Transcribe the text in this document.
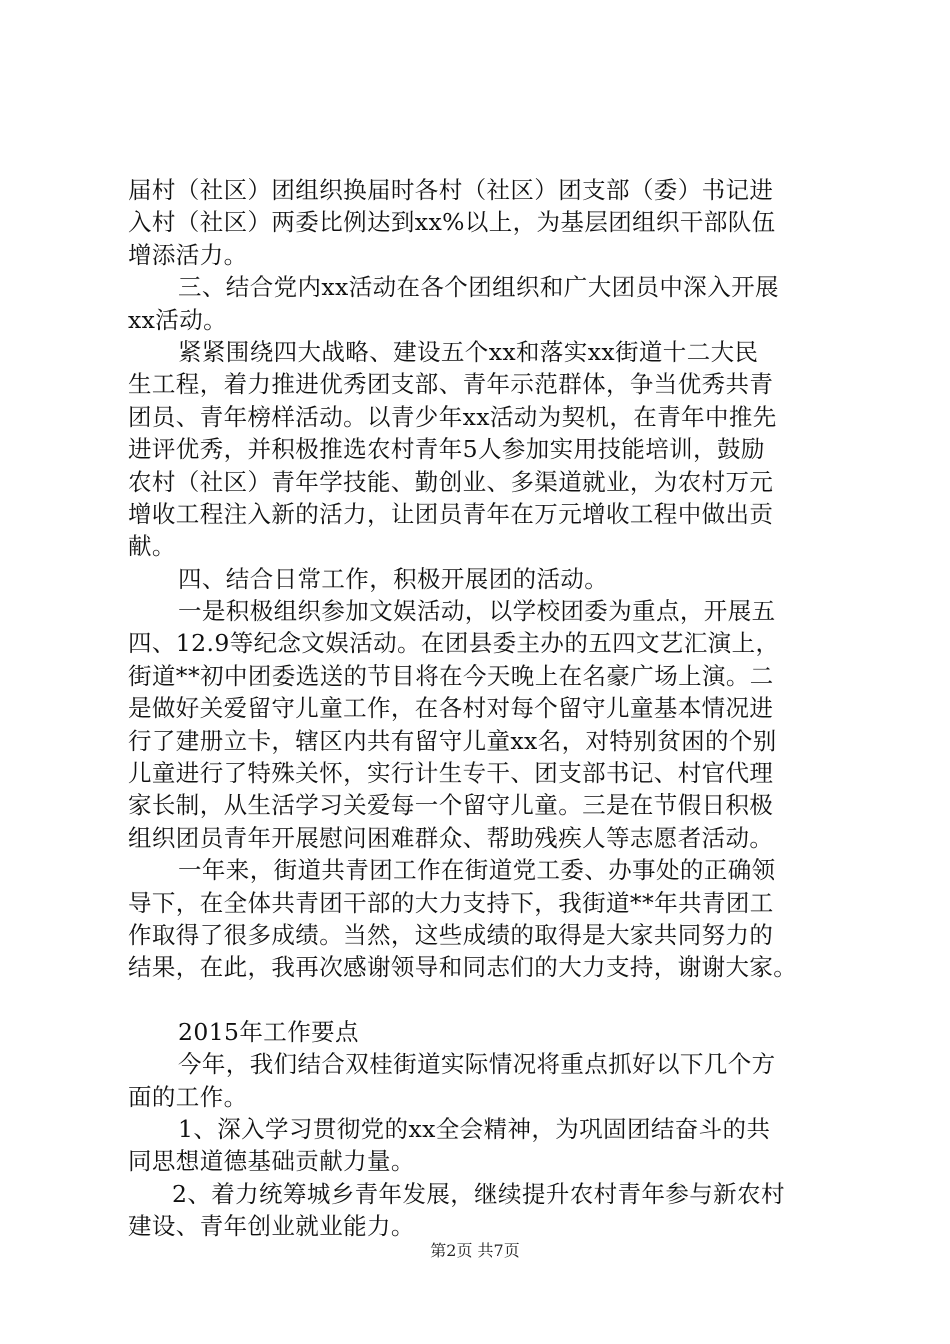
届村（社区）团组织换届时各村（社区）团支部（委）书记进
入村（社区）两委比例达到xx%以上，为基层团组织干部队伍
增添活力。
三、结合党内xx活动在各个团组织和广大团员中深入开展
xx活动。
紧紧围绕四大战略、建设五个xx和落实xx街道十二大民
生工程，着力推进优秀团支部、青年示范群体，争当优秀共青
团员、青年榜样活动。以青少年xx活动为契机，在青年中推先
进评优秀，并积极推选农村青年5人参加实用技能培训，鼓励
农村（社区）青年学技能、勤创业、多渠道就业，为农村万元
增收工程注入新的活力，让团员青年在万元增收工程中做出贡
献。
四、结合日常工作，积极开展团的活动。
一是积极组织参加文娱活动，以学校团委为重点，开展五
四、12.9等纪念文娱活动。在团县委主办的五四文艺汇演上，
街道**初中团委选送的节目将在今天晚上在名豪广场上演。二
是做好关爱留守儿童工作，在各村对每个留守儿童基本情况进
行了建册立卡，辖区内共有留守儿童xx名，对特别贫困的个别
儿童进行了特殊关怀，实行计生专干、团支部书记、村官代理
家长制，从生活学习关爱每一个留守儿童。三是在节假日积极
组织团员青年开展慰问困难群众、帮助残疾人等志愿者活动。
一年来，街道共青团工作在街道党工委、办事处的正确领
导下，在全体共青团干部的大力支持下，我街道**年共青团工
作取得了很多成绩。当然，这些成绩的取得是大家共同努力的
结果，在此，我再次感谢领导和同志们的大力支持，谢谢大家。
2015年工作要点
今年，我们结合双桂街道实际情况将重点抓好以下几个方
面的工作。
1、深入学习贯彻党的xx全会精神，为巩固团结奋斗的共
同思想道德基础贡献力量。
2、着力统筹城乡青年发展，继续提升农村青年参与新农村
建设、青年创业就业能力。
第2页 共7页
